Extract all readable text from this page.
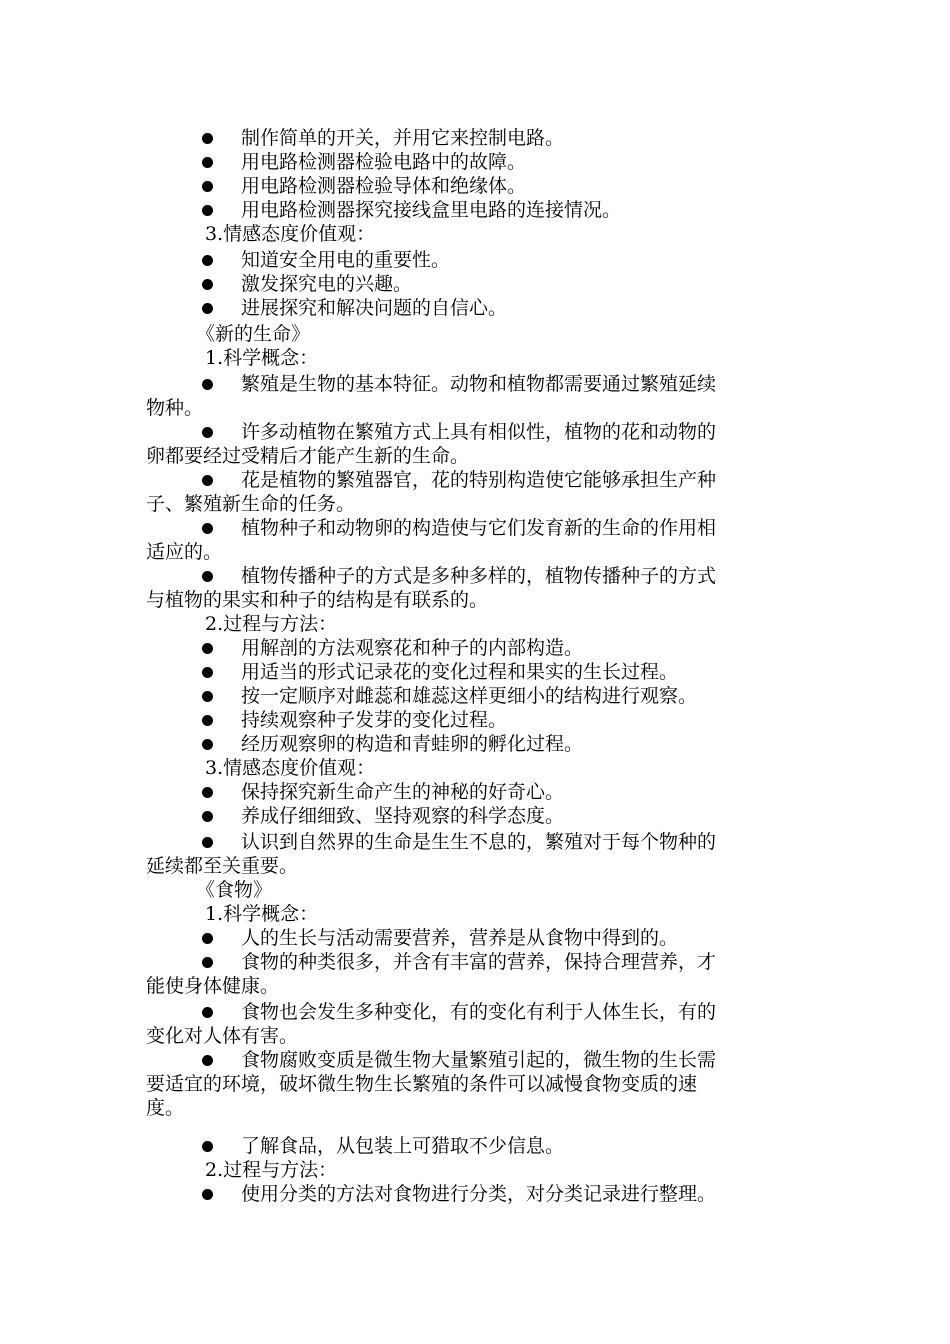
制作简单的开关，并用它来控制电路。
用电路检测器检验电路中的故障。
用电路检测器检验导体和绝缘体。
用电路检测器探究接线盒里电路的连接情况。
3.情感态度价值观：
知道安全用电的重要性。
激发探究电的兴趣。
进展探究和解决问题的自信心。
《新的生命》
1.科学概念：
繁殖是生物的基本特征。动物和植物都需要通过繁殖延续
物种。
许多动植物在繁殖方式上具有相似性，植物的花和动物的
卵都要经过受精后才能产生新的生命。
花是植物的繁殖器官，花的特别构造使它能够承担生产种
子、繁殖新生命的任务。
植物种子和动物卵的构造使与它们发育新的生命的作用相
适应的。
植物传播种子的方式是多种多样的，植物传播种子的方式
与植物的果实和种子的结构是有联系的。
2.过程与方法：
用解剖的方法观察花和种子的内部构造。
用适当的形式记录花的变化过程和果实的生长过程。
按一定顺序对雌蕊和雄蕊这样更细小的结构进行观察。
持续观察种子发芽的变化过程。
经历观察卵的构造和青蛙卵的孵化过程。
3.情感态度价值观：
保持探究新生命产生的神秘的好奇心。
养成仔细细致、坚持观察的科学态度。
认识到自然界的生命是生生不息的，繁殖对于每个物种的
延续都至关重要。
《食物》
1.科学概念：
人的生长与活动需要营养，营养是从食物中得到的。
食物的种类很多，并含有丰富的营养，保持合理营养，才
能使身体健康。
食物也会发生多种变化，有的变化有利于人体生长，有的
变化对人体有害。
食物腐败变质是微生物大量繁殖引起的，微生物的生长需
要适宜的环境，破坏微生物生长繁殖的条件可以减慢食物变质的速
度。
了解食品，从包装上可猎取不少信息。
2.过程与方法：
使用分类的方法对食物进行分类，对分类记录进行整理。
